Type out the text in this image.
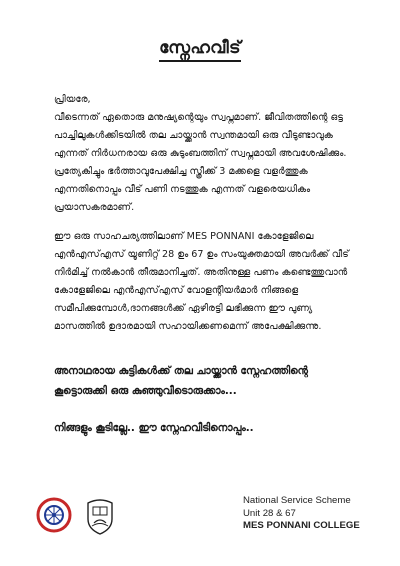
സ്നേഹവീട്
പ്രിയരേ,
വീടെന്നത് ഏതൊരു മനുഷ്യന്റെയും സ്വപ്നമാണ്. ജീവിതത്തിന്റെ ഒട്ട പാച്ചിലുകൾക്കിടയിൽ തല ചായ്ക്കാൻ സ്വന്തമായി ഒരു വീടുണ്ടാവുക എന്നത് നിർധനരായ ഒരു കുടുംബത്തിന് സ്വപ്നമായി അവശേഷിക്കും. പ്രത്യേകിച്ചും ഭർത്താവുപേക്ഷിച്ച സ്ത്രീക്ക് 3 മക്കളെ വളർത്തുക എന്നതിനൊപ്പം വീട് പണി നടത്തുക എന്നത് വളരെയധികം പ്രയാസകരമാണ്.
ഈ ഒരു സാഹചര്യത്തിലാണ് MES PONNANI കോളേജിലെ എൻഎസ്എസ് യൂണിറ്റ് 28 ഉം 67 ഉം സംയുക്തമായി അവർക്ക് വീട് നിർമിച്ച് നൽകാൻ തീരുമാനിച്ചത്. അതിനുള്ള പണം കണ്ടെത്തുവാൻ കോളേജിലെ എൻഎസ്എസ് വോളന്റിയർമാർ നിങ്ങളെ സമീപിക്കുമ്പോൾ,ദാനങ്ങൾക്ക് ഏഴിരട്ടി ലഭിക്കുന്ന ഈ പുണ്യ മാസത്തിൽ ഉദാരമായി സഹായിക്കണമെന്ന് അപേക്ഷിക്കുന്നു.
അനാഥരായ കുട്ടികൾക്ക് തല ചായ്ക്കാൻ സ്നേഹത്തിന്റെ കൂട്ടൊരുക്കി ഒരു കുഞ്ഞുവീടൊരുക്കാം...
നിങ്ങളും കൂടില്ലേ.. ഈ സ്നേഹവീടിനൊപ്പം..
National Service Scheme
Unit 28 & 67
MES PONNANI COLLEGE
